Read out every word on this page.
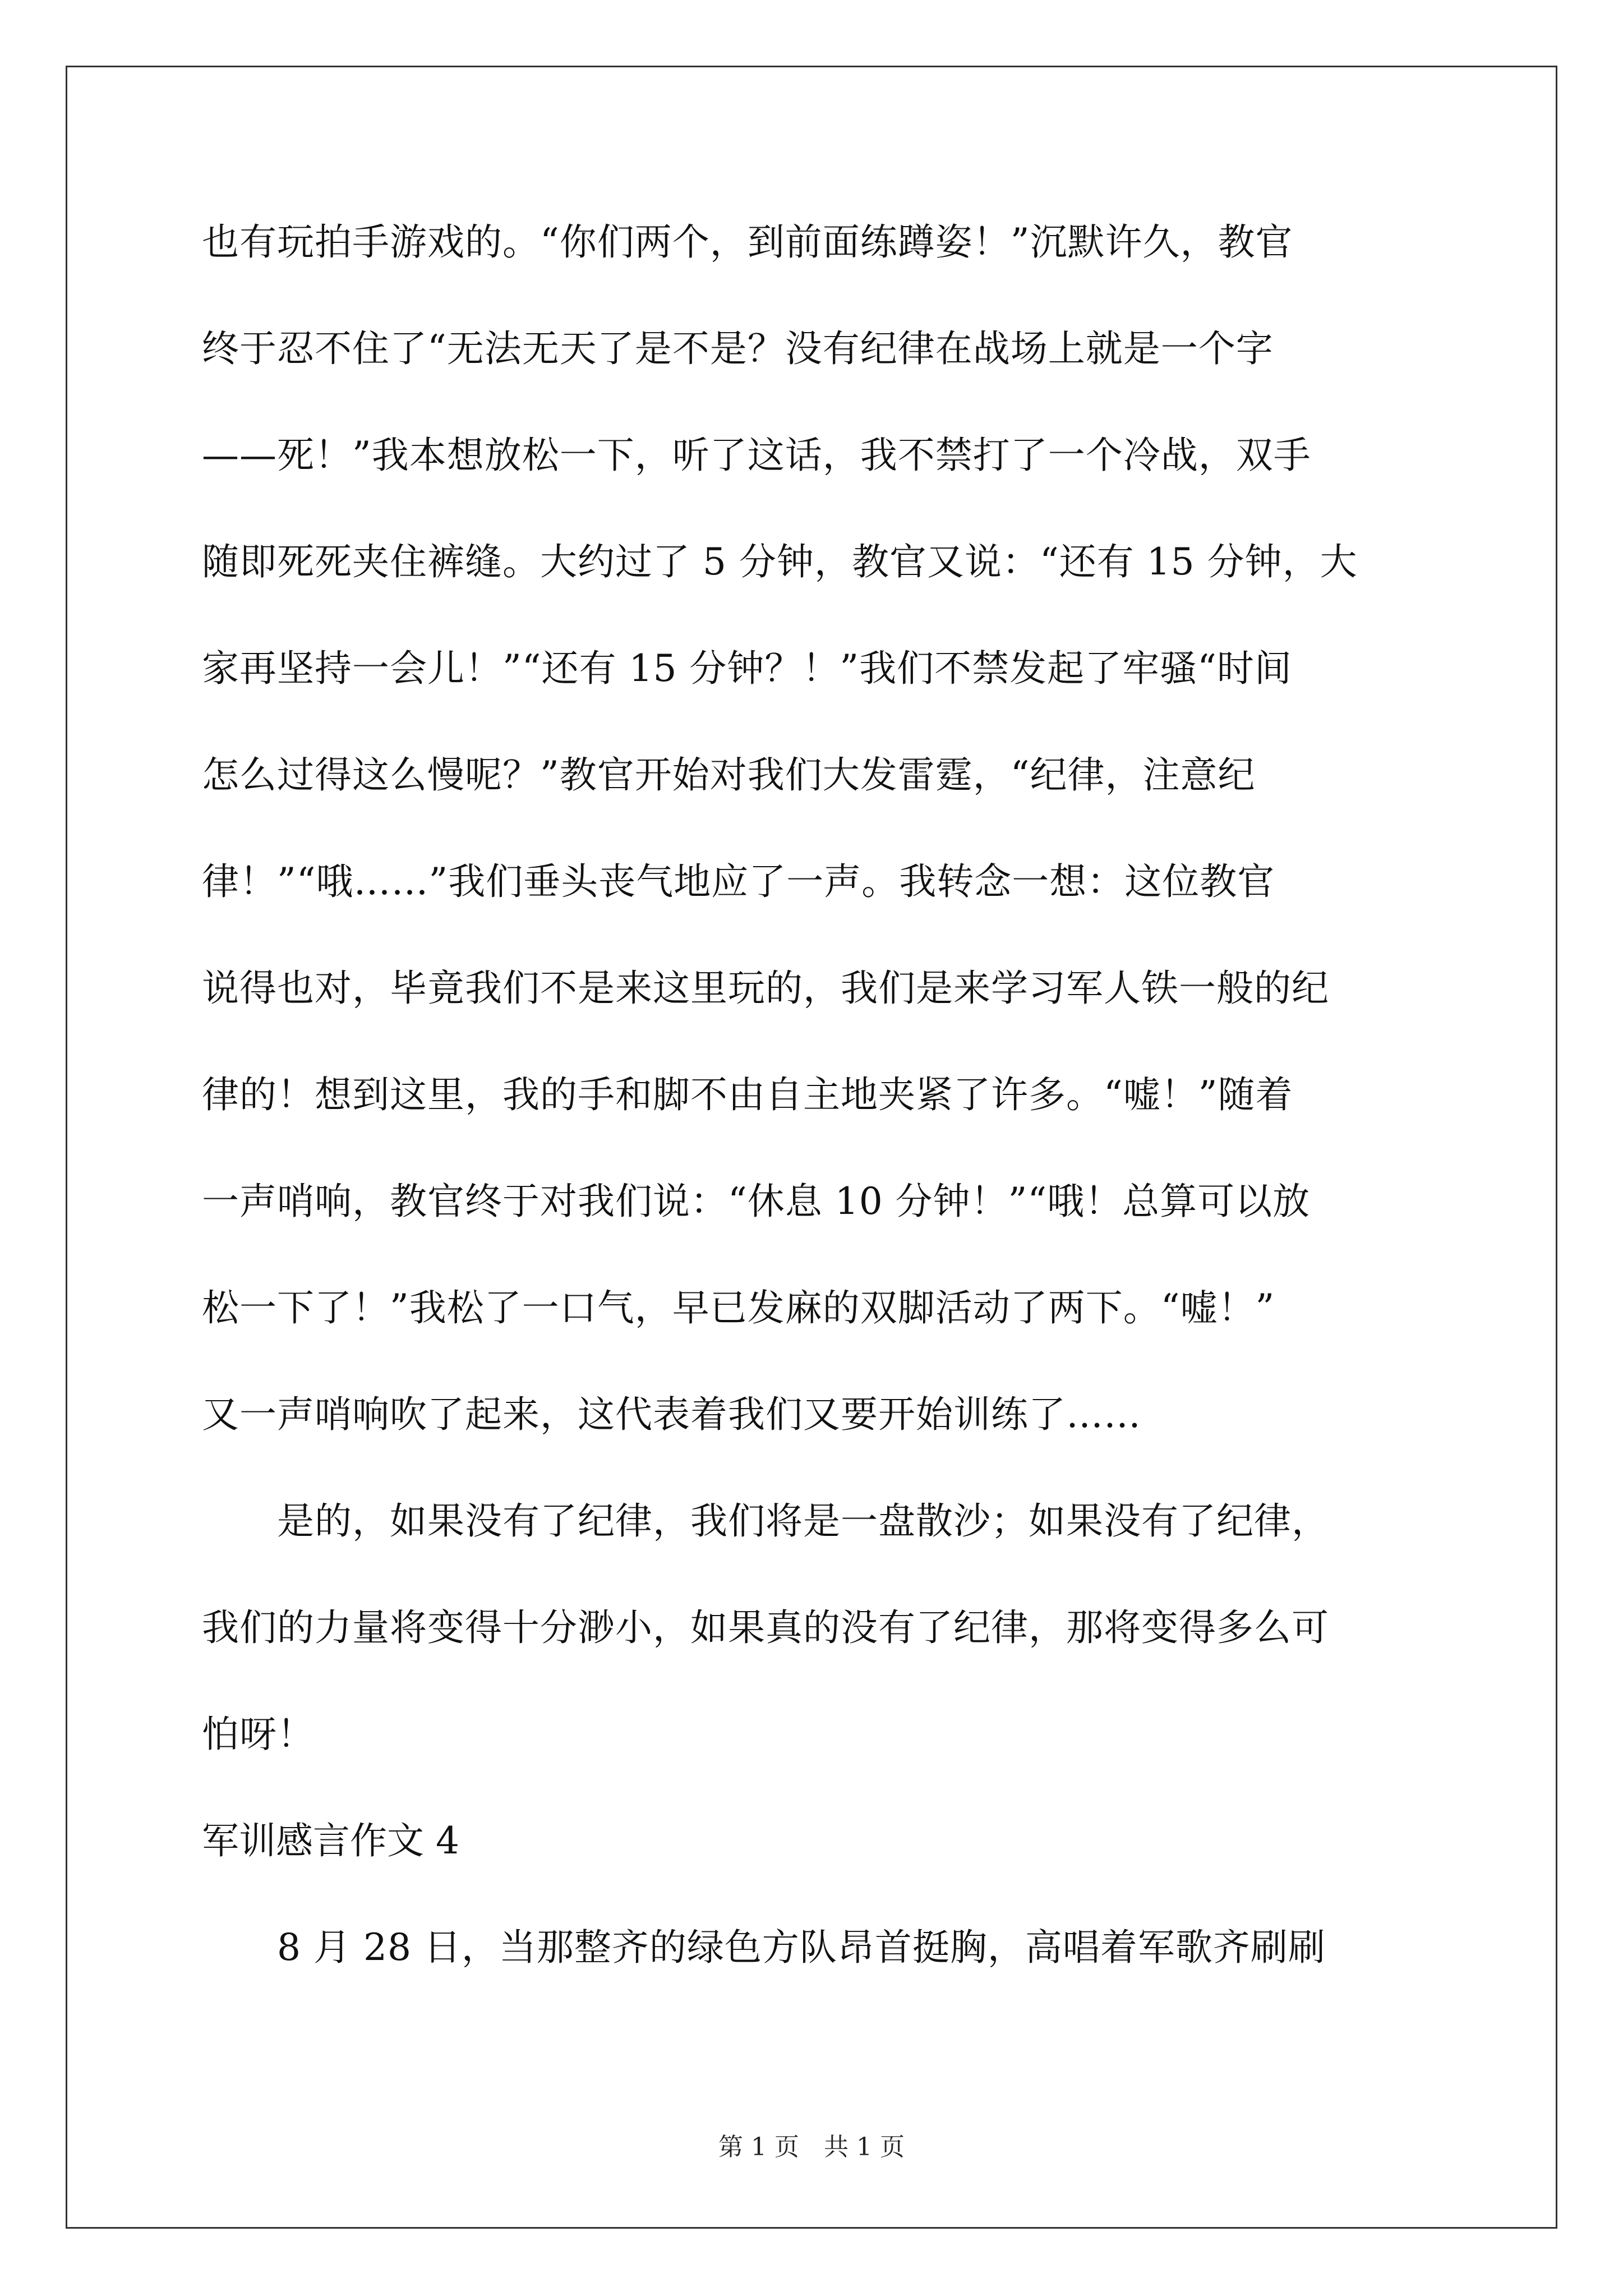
也有玩拍手游戏的。“你们两个，到前面练蹲姿！”沉默许久，教官
终于忍不住了“无法无天了是不是？没有纪律在战场上就是一个字
——死！”我本想放松一下，听了这话，我不禁打了一个冷战，双手
随即死死夹住裤缝。大约过了 5 分钟，教官又说：“还有 15 分钟，大
家再坚持一会儿！”“还有 15 分钟？！”我们不禁发起了牢骚“时间
怎么过得这么慢呢？”教官开始对我们大发雷霆，“纪律，注意纪
律！”“哦……”我们垂头丧气地应了一声。我转念一想：这位教官
说得也对，毕竟我们不是来这里玩的，我们是来学习军人铁一般的纪
律的！想到这里，我的手和脚不由自主地夹紧了许多。“嘘！”随着
一声哨响，教官终于对我们说：“休息 10 分钟！”“哦！总算可以放
松一下了！”我松了一口气，早已发麻的双脚活动了两下。“嘘！”
又一声哨响吹了起来，这代表着我们又要开始训练了……
　　是的，如果没有了纪律，我们将是一盘散沙；如果没有了纪律，
我们的力量将变得十分渺小，如果真的没有了纪律，那将变得多么可
怕呀！
军训感言作文 4
　　8 月 28 日，当那整齐的绿色方队昂首挺胸，高唱着军歌齐刷刷
第 1 页　共 1 页
